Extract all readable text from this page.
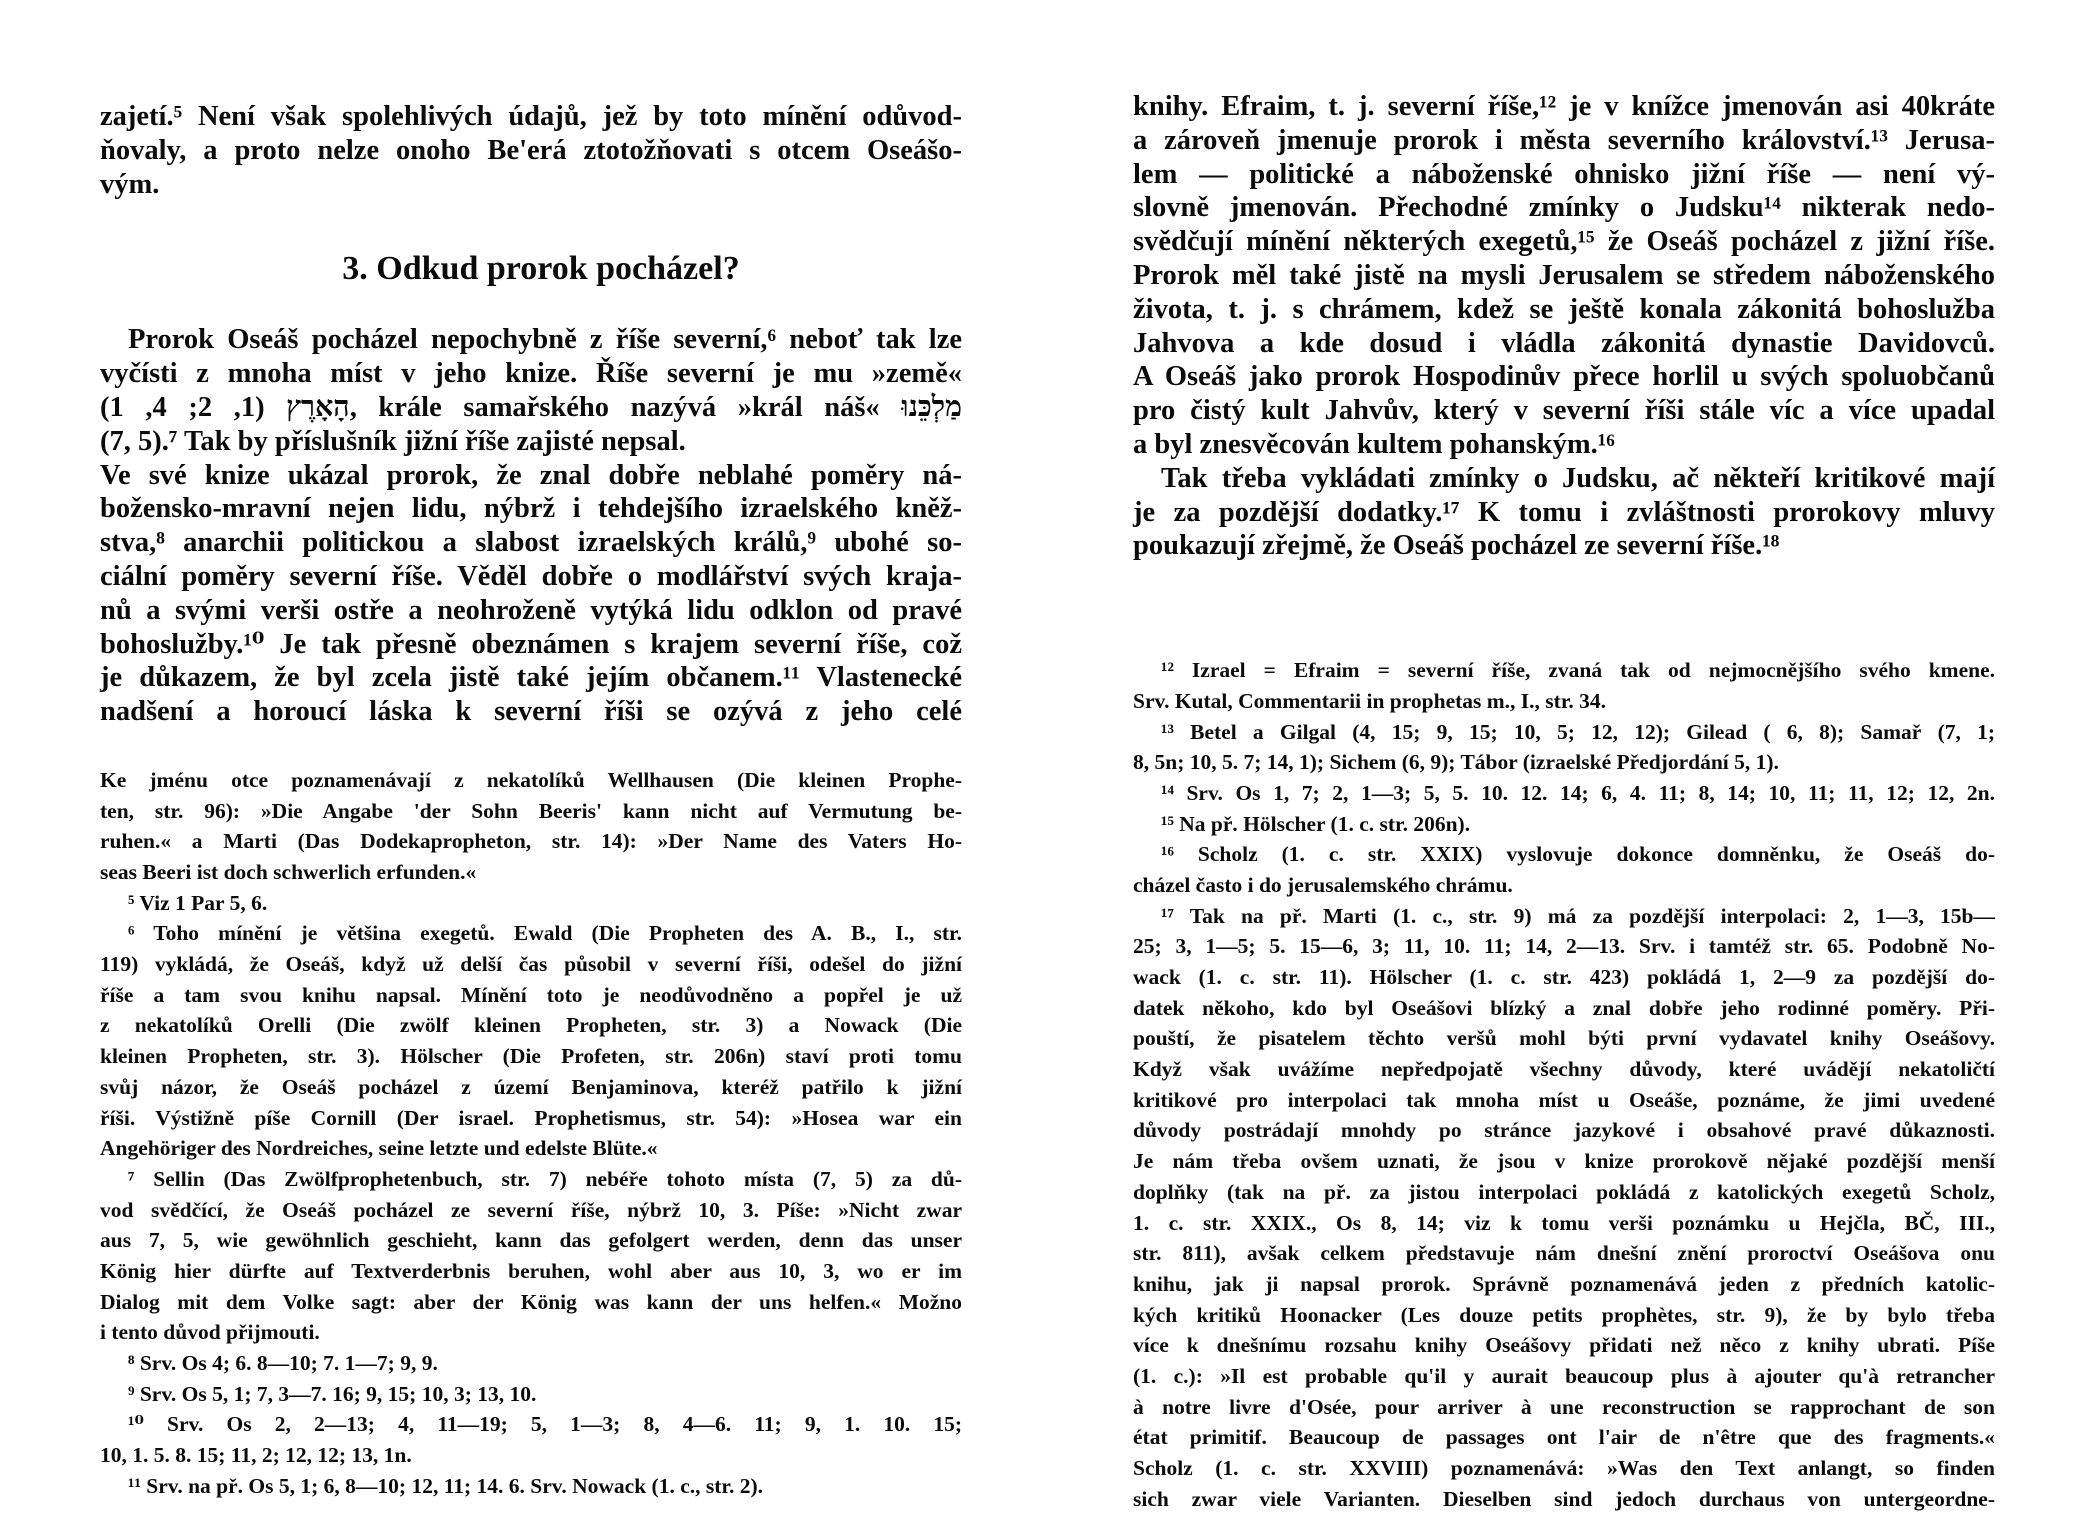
zajetí.⁵ Není však spolehlivých údajů, jež by toto mínění odůvod-
ňovaly, a proto nelze onoho Be'erá ztotožňovati s otcem Oseášo-
vým.
3. Odkud prorok pocházel?
Prorok Oseáš pocházel nepochybně z říše severní,⁶ neboť tak lze
vyčísti z mnoha míst v jeho knize. Říše severní je mu »země«
הָאָרֶץ (1, 2; 4, 1), krále samařského nazývá »král náš« מַלְכֵּנוּ
(7, 5).⁷ Tak by příslušník jižní říše zajisté nepsal.
Ve své knize ukázal prorok, že znal dobře neblahé poměry ná-
božensko-mravní nejen lidu, nýbrž i tehdejšího izraelského kněž-
stva,⁸ anarchii politickou a slabost izraelských králů,⁹ ubohé so-
ciální poměry severní říše. Věděl dobře o modlářství svých kraja-
nů a svými verši ostře a neohroženě vytýká lidu odklon od pravé
bohoslužby.¹⁰ Je tak přesně obeznámen s krajem severní říše, což
je důkazem, že byl zcela jistě také jejím občanem.¹¹ Vlastenecké
nadšení a horoucí láska k severní říši se ozývá z jeho celé
Ke jménu otce poznamenávají z nekatolíků Wellhausen (Die kleinen Prophe-
ten, str. 96): »Die Angabe 'der Sohn Beeris' kann nicht auf Vermutung be-
ruhen.« a Marti (Das Dodekapropheton, str. 14): »Der Name des Vaters Ho-
seas Beeri ist doch schwerlich erfunden.«
⁵ Viz 1 Par 5, 6.
⁶ Toho mínění je většina exegetů. Ewald (Die Propheten des A. B., I., str.
119) vykládá, že Oseáš, když už delší čas působil v severní říši, odešel do jižní
říše a tam svou knihu napsal. Mínění toto je neodůvodněno a popřel je už
z nekatolíků Orelli (Die zwölf kleinen Propheten, str. 3) a Nowack (Die
kleinen Propheten, str. 3). Hölscher (Die Profeten, str. 206n) staví proti tomu
svůj názor, že Oseáš pocházel z území Benjaminova, kteréž patřilo k jižní
říši. Výstižně píše Cornill (Der israel. Prophetismus, str. 54): »Hosea war ein
Angehöriger des Nordreiches, seine letzte und edelste Blüte.«
⁷ Sellin (Das Zwölfprophetenbuch, str. 7) nebéře tohoto místa (7, 5) za dů-
vod svědčící, že Oseáš pocházel ze severní říše, nýbrž 10, 3. Píše: »Nicht zwar
aus 7, 5, wie gewöhnlich geschieht, kann das gefolgert werden, denn das unser
König hier dürfte auf Textverderbnis beruhen, wohl aber aus 10, 3, wo er im
Dialog mit dem Volke sagt: aber der König was kann der uns helfen.« Možno
i tento důvod přijmouti.
⁸ Srv. Os 4; 6. 8—10; 7. 1—7; 9, 9.
⁹ Srv. Os 5, 1; 7, 3—7. 16; 9, 15; 10, 3; 13, 10.
¹⁰ Srv. Os 2, 2—13; 4, 11—19; 5, 1—3; 8, 4—6. 11; 9, 1. 10. 15;
10, 1. 5. 8. 15; 11, 2; 12, 12; 13, 1n.
¹¹ Srv. na př. Os 5, 1; 6, 8—10; 12, 11; 14. 6. Srv. Nowack (1. c., str. 2).
knihy. Efraim, t. j. severní říše,¹² je v knížce jmenován asi 40kráte
a zároveň jmenuje prorok i města severního království.¹³ Jerusa-
lem — politické a náboženské ohnisko jižní říše — není vý-
slovně jmenován. Přechodné zmínky o Judsku¹⁴ nikterak nedo-
svědčují mínění některých exegetů,¹⁵ že Oseáš pocházel z jižní říše.
Prorok měl také jistě na mysli Jerusalem se středem náboženského
života, t. j. s chrámem, kdež se ještě konala zákonitá bohoslužba
Jahvova a kde dosud i vládla zákonitá dynastie Davidovců.
A Oseáš jako prorok Hospodinův přece horlil u svých spoluobčanů
pro čistý kult Jahvův, který v severní říši stále víc a více upadal
a byl znesvěcován kultem pohanským.¹⁶
Tak třeba vykládati zmínky o Judsku, ač někteří kritikové mají
je za pozdější dodatky.¹⁷ K tomu i zvláštnosti prorokovy mluvy
poukazují zřejmě, že Oseáš pocházel ze severní říše.¹⁸
¹² Izrael = Efraim = severní říše, zvaná tak od nejmocnějšího svého kmene.
Srv. Kutal, Commentarii in prophetas m., I., str. 34.
¹³ Betel a Gilgal (4, 15; 9, 15; 10, 5; 12, 12); Gilead ( 6, 8); Samař (7, 1;
8, 5n; 10, 5. 7; 14, 1); Sichem (6, 9); Tábor (izraelské Předjordání 5, 1).
¹⁴ Srv. Os 1, 7; 2, 1—3; 5, 5. 10. 12. 14; 6, 4. 11; 8, 14; 10, 11; 11, 12; 12, 2n.
¹⁵ Na př. Hölscher (1. c. str. 206n).
¹⁶ Scholz (1. c. str. XXIX) vyslovuje dokonce domněnku, že Oseáš do-
cházel často i do jerusalemského chrámu.
¹⁷ Tak na př. Marti (1. c., str. 9) má za pozdější interpolaci: 2, 1—3, 15b—
25; 3, 1—5; 5. 15—6, 3; 11, 10. 11; 14, 2—13. Srv. i tamtéž str. 65. Podobně No-
wack (1. c. str. 11). Hölscher (1. c. str. 423) pokládá 1, 2—9 za pozdější do-
datek někoho, kdo byl Oseášovi blízký a znal dobře jeho rodinné poměry. Při-
pouští, že pisatelem těchto veršů mohl býti první vydavatel knihy Oseášovy.
Když však uvážíme nepředpojatě všechny důvody, které uvádějí nekatoličtí
kritikové pro interpolaci tak mnoha míst u Oseáše, poznáme, že jimi uvedené
důvody postrádají mnohdy po stránce jazykové i obsahové pravé důkaznosti.
Je nám třeba ovšem uznati, že jsou v knize prorokově nějaké pozdější menší
doplňky (tak na př. za jistou interpolaci pokládá z katolických exegetů Scholz,
1. c. str. XXIX., Os 8, 14; viz k tomu verši poznámku u Hejčla, BČ, III.,
str. 811), avšak celkem představuje nám dnešní znění proroctví Oseášova onu
knihu, jak ji napsal prorok. Správně poznamenává jeden z předních katolic-
kých kritiků Hoonacker (Les douze petits prophètes, str. 9), že by bylo třeba
více k dnešnímu rozsahu knihy Oseášovy přidati než něco z knihy ubrati. Píše
(1. c.): »Il est probable qu'il y aurait beaucoup plus à ajouter qu'à retrancher
à notre livre d'Osée, pour arriver à une reconstruction se rapprochant de son
état primitif. Beaucoup de passages ont l'air de n'être que des fragments.«
Scholz (1. c. str. XXVIII) poznamenává: »Was den Text anlangt, so finden
sich zwar viele Varianten. Dieselben sind jedoch durchaus von untergeordne-
